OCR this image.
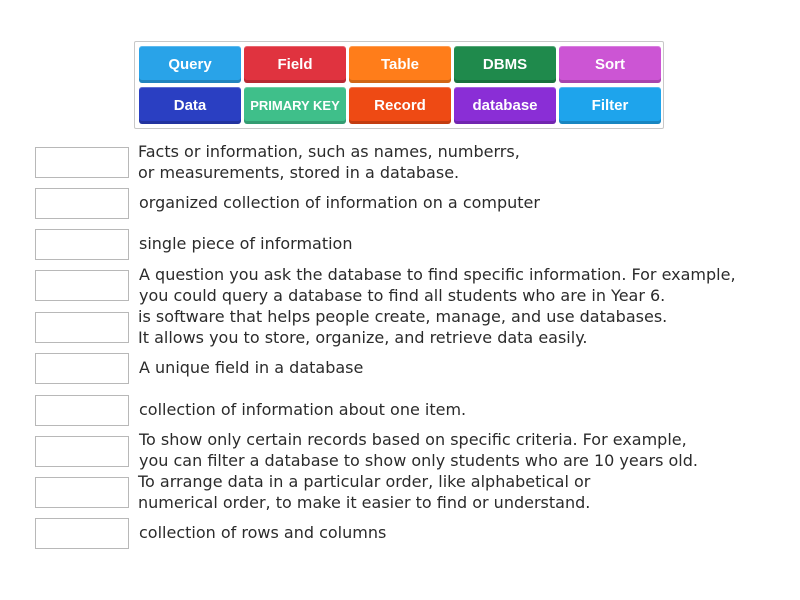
Query	Field	Table	DBMS	Sort
Data	PRIMARY KEY	Record	database	Filter
Facts or information, such as names, numberrs,
or measurements, stored in a database.
organized collection of information on a computer
single piece of information
A question you ask the database to find specific information. For example,
you could query a database to find all students who are in Year 6.
is software that helps people create, manage, and use databases.
It allows you to store, organize, and retrieve data easily.
A unique field in a database
collection of information about one item.
To show only certain records based on specific criteria. For example,
you can filter a database to show only students who are 10 years old.
To arrange data in a particular order, like alphabetical or
numerical order, to make it easier to find or understand.
collection of rows and columns
